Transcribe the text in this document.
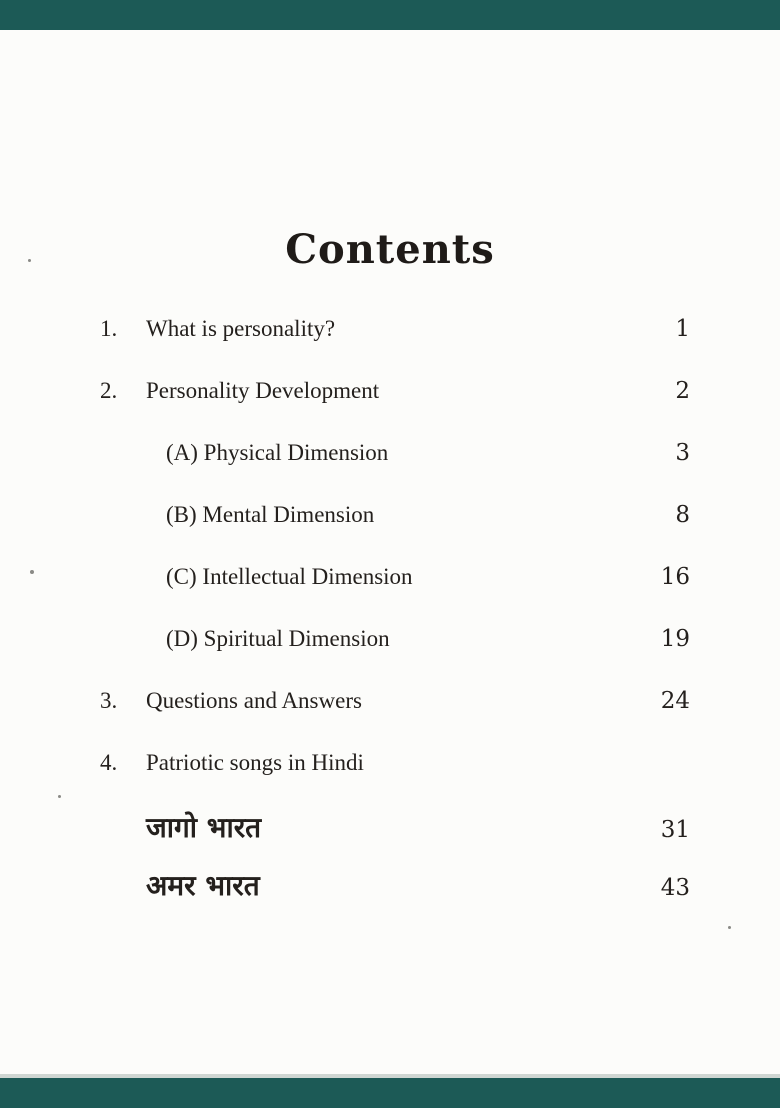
Contents
1.	What is personality?	1
2.	Personality Development	2
(A) Physical Dimension	3
(B) Mental Dimension	8
(C) Intellectual Dimension	16
(D) Spiritual Dimension	19
3.	Questions and Answers	24
4.	Patriotic songs in Hindi
जागो भारत	31
अमर भारत	43
